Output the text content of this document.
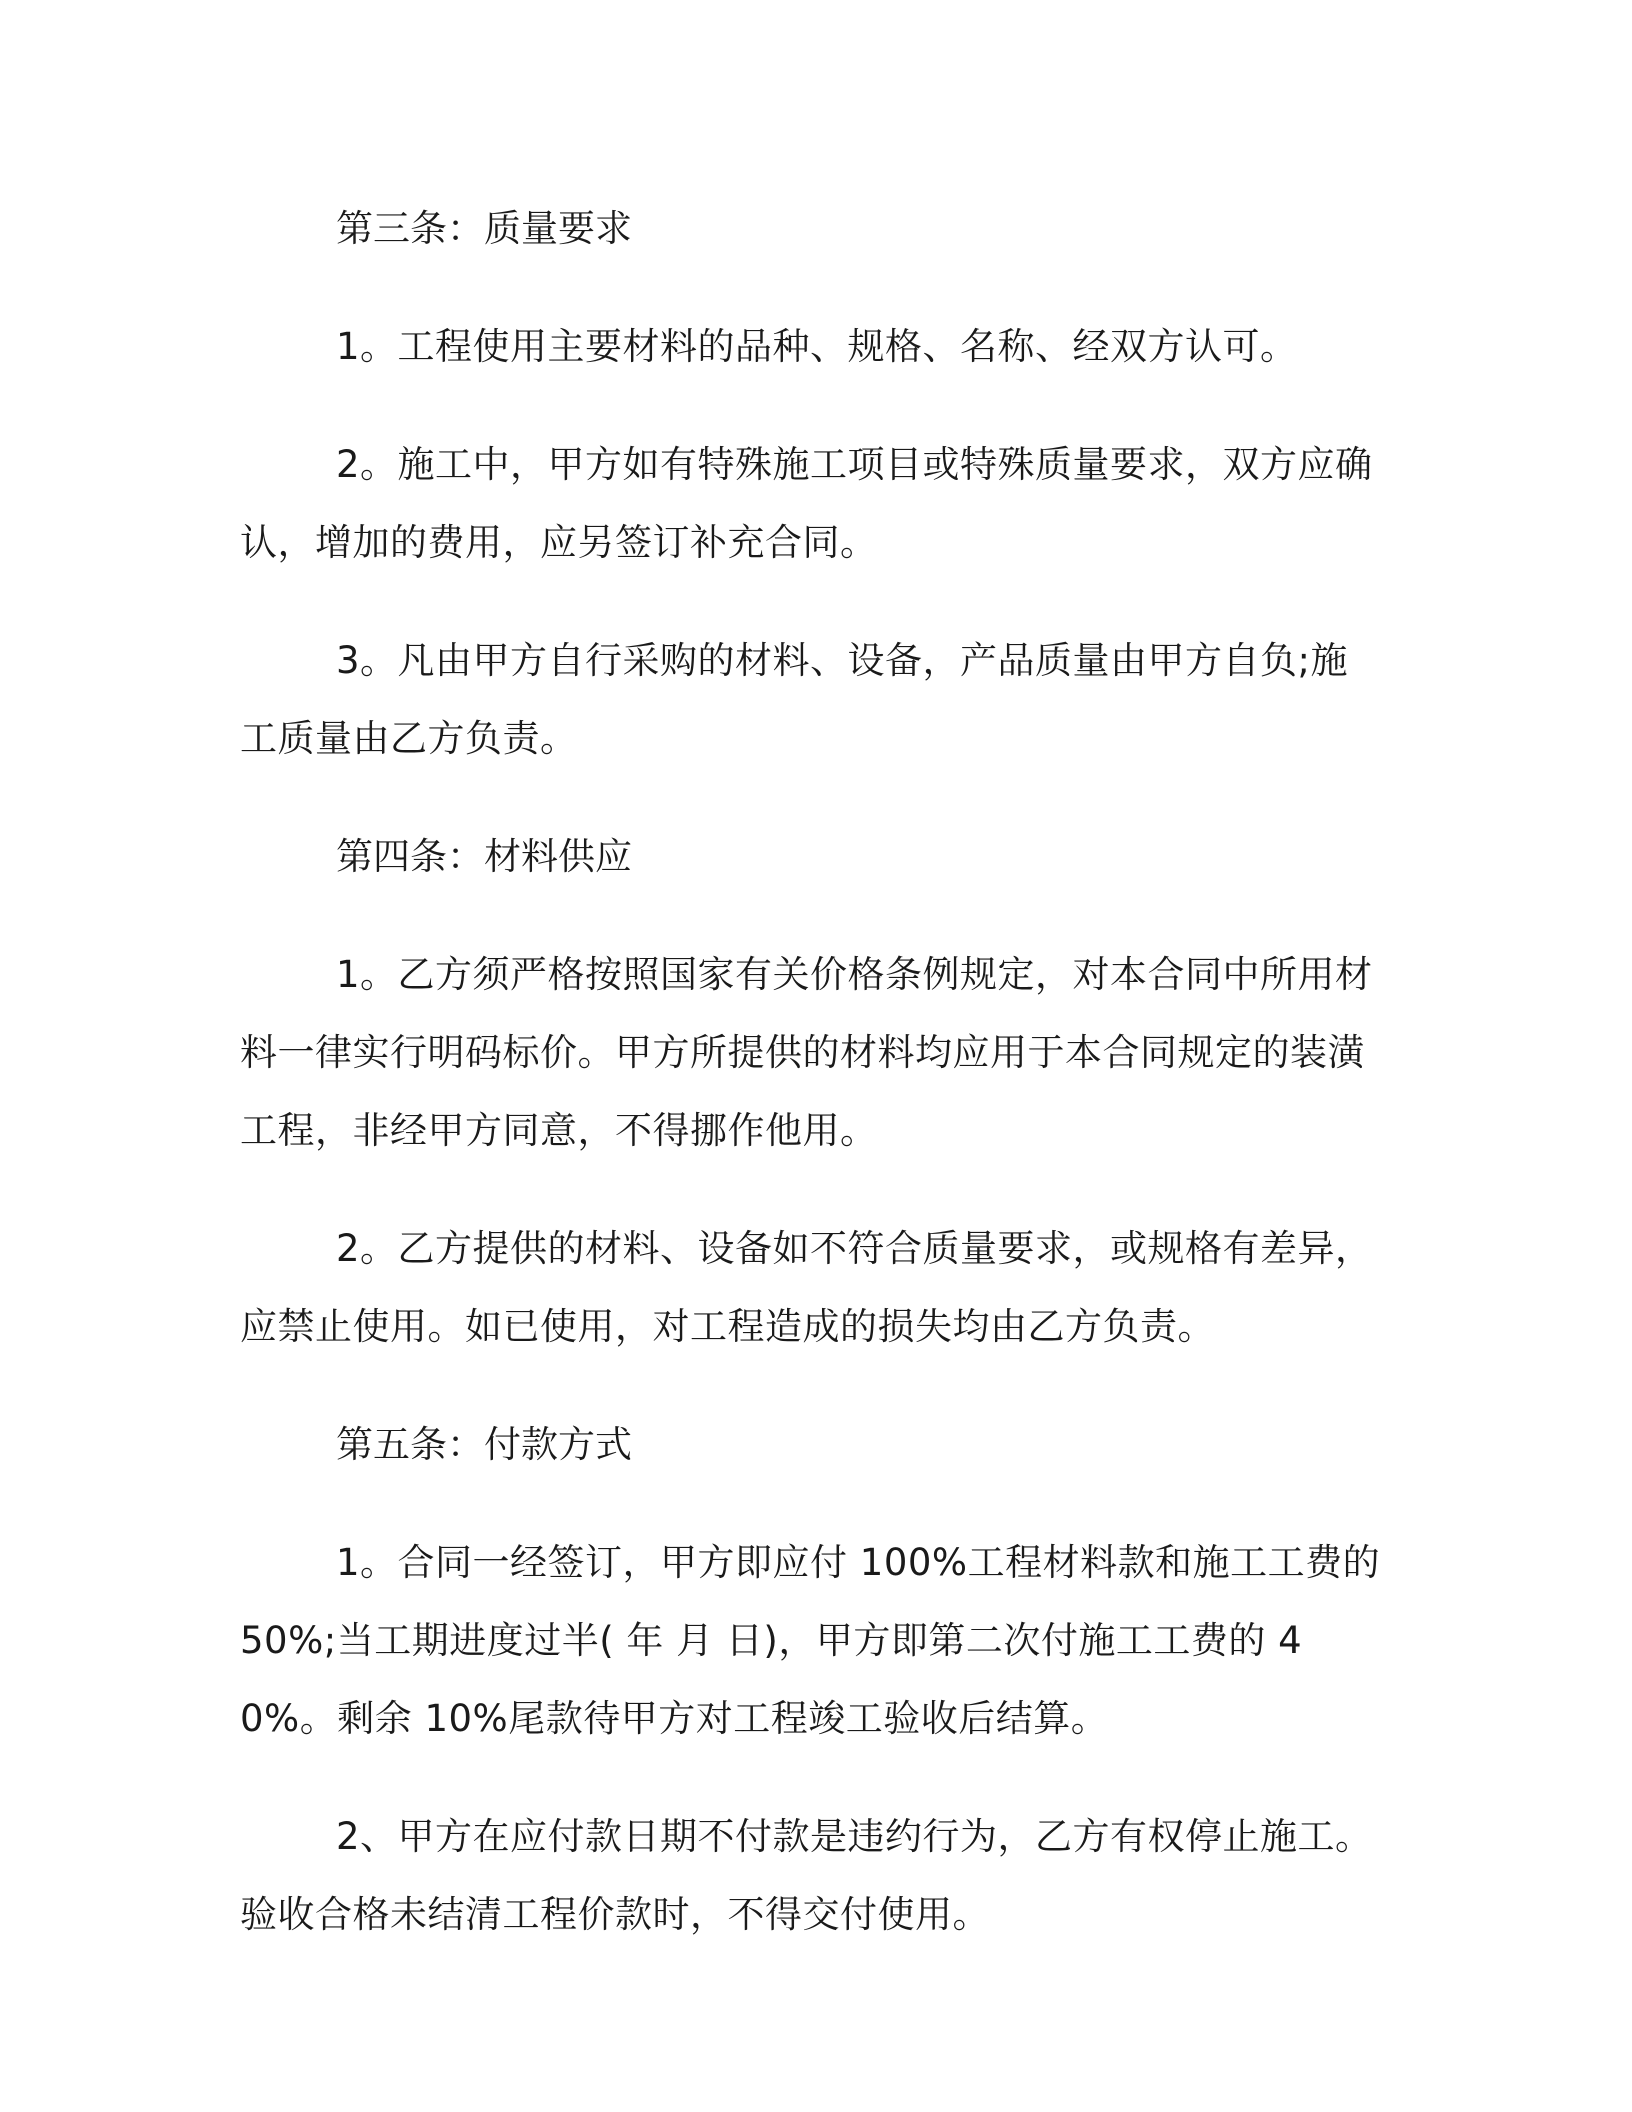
第三条：质量要求

1。工程使用主要材料的品种、规格、名称、经双方认可。

2。施工中，甲方如有特殊施工项目或特殊质量要求，双方应确认，增加的费用，应另签订补充合同。

3。凡由甲方自行采购的材料、设备，产品质量由甲方自负;施工质量由乙方负责。

第四条：材料供应

1。乙方须严格按照国家有关价格条例规定，对本合同中所用材料一律实行明码标价。甲方所提供的材料均应用于本合同规定的装潢工程，非经甲方同意，不得挪作他用。

2。乙方提供的材料、设备如不符合质量要求，或规格有差异，应禁止使用。如已使用，对工程造成的损失均由乙方负责。

第五条：付款方式

1。合同一经签订，甲方即应付 100%工程材料款和施工工费的 50%;当工期进度过半( 年 月 日)，甲方即第二次付施工工费的 40%。剩余 10%尾款待甲方对工程竣工验收后结算。

2、甲方在应付款日期不付款是违约行为，乙方有权停止施工。验收合格未结清工程价款时，不得交付使用。
